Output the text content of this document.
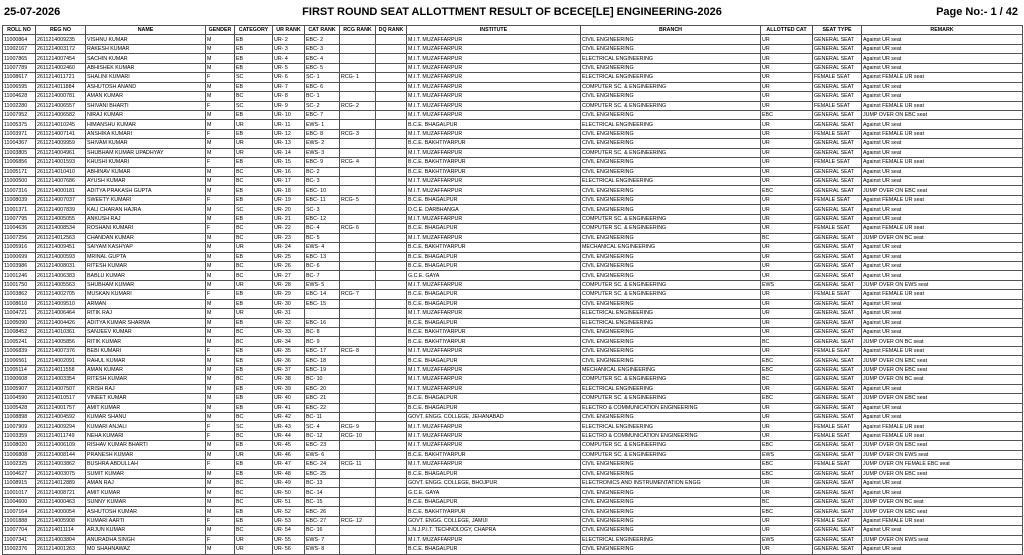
25-07-2026	FIRST ROUND SEAT ALLOTTMENT RESULT OF BCECE[LE] ENGINEERING-2026	Page No:- 1 / 42
ROLL NO	REG NO	NAME	GENDER	CATEGORY	UR RANK	CAT RANK	RCG RANK	DQ RANK	INSTITUTE	BRANCH	ALLOTTED CAT	SEAT TYPE	REMARK
11000864	2611214009235	VISHNU KUMAR	M	EB	UR- 2	EBC- 2			M.I.T. MUZAFFARPUR	CIVIL ENGINEERING	UR	GENERAL SEAT	Against UR seat
11002167	2611214003172	RAKESH KUMAR	M	EB	UR- 3	EBC- 3			M.I.T. MUZAFFARPUR	CIVIL ENGINEERING	UR	GENERAL SEAT	Against UR seat
11007865	2611214007454	SACHIN KUMAR	M	EB	UR- 4	EBC- 4			M.I.T. MUZAFFARPUR	ELECTRICAL ENGINEERING	UR	GENERAL SEAT	Against UR seat
11007789	2611214002460	ABHISHEK KUMAR	M	EB	UR- 5	EBC- 5			M.I.T. MUZAFFARPUR	CIVIL ENGINEERING	UR	GENERAL SEAT	Against UR seat
11008617	2611214011721	SHALINI KUMARI	F	SC	UR- 6	SC- 1	RCG- 1		M.I.T. MUZAFFARPUR	ELECTRICAL ENGINEERING	UR	FEMALE SEAT	Against FEMALE UR seat
11006595	2611214011884	ASHUTOSH ANAND	M	EB	UR- 7	EBC- 6			M.I.T. MUZAFFARPUR	COMPUTER SC. & ENGINEERING	UR	GENERAL SEAT	Against UR seat
11004628	2611214000781	AMAN KUMAR	M	BC	UR- 8	BC- 1			M.I.T. MUZAFFARPUR	CIVIL ENGINEERING	UR	GENERAL SEAT	Against UR seat
11002280	2611214006557	SHIVANI BHARTI	F	SC	UR- 9	SC- 2	RCG- 2		M.I.T. MUZAFFARPUR	COMPUTER SC. & ENGINEERING	UR	FEMALE SEAT	Against FEMALE UR seat
11007952	2611214006582	NIRAJ KUMAR	M	EB	UR- 10	EBC- 7			M.I.T. MUZAFFARPUR	CIVIL ENGINEERING	EBC	GENERAL SEAT	JUMP OVER ON EBC seat
11005375	2611214010245	HIMANSHU KUMAR	M	UR	UR- 11	EWS- 1			B.C.E. BHAGALPUR	ELECTRICAL ENGINEERING	UR	GENERAL SEAT	Against UR seat
11003971	2611214007141	ANSHIKA KUMARI	F	EB	UR- 12	EBC- 8	RCG- 3		M.I.T. MUZAFFARPUR	CIVIL ENGINEERING	UR	FEMALE SEAT	Against FEMALE UR seat
11004367	2611214009959	SHIVAM KUMAR	M	UR	UR- 13	EWS- 2			B.C.E. BAKHTIYARPUR	CIVIL ENGINEERING	UR	GENERAL SEAT	Against UR seat
11003805	2611214004961	SHUBHAM KUMAR UPADHYAY	M	UR	UR- 14	EWS- 3			M.I.T. MUZAFFARPUR	COMPUTER SC. & ENGINEERING	UR	GENERAL SEAT	Against UR seat
11006856	2611214001593	KHUSHI KUMARI	F	EB	UR- 15	EBC- 9	RCG- 4		B.C.E. BAKHTIYARPUR	CIVIL ENGINEERING	UR	FEMALE SEAT	Against FEMALE UR seat
11005171	2611214010410	ABHINAV KUMAR	M	BC	UR- 16	BC- 2			B.C.E. BAKHTIYARPUR	CIVIL ENGINEERING	UR	GENERAL SEAT	Against UR seat
11000500	2611214007686	AYUSH KUMAR	M	BC	UR- 17	BC- 3			M.I.T. MUZAFFARPUR	ELECTRICAL ENGINEERING	UR	GENERAL SEAT	Against UR seat
11007316	2611214000181	ADITYA PRAKASH GUPTA	M	EB	UR- 18	EBC- 10			M.I.T. MUZAFFARPUR	CIVIL ENGINEERING	EBC	GENERAL SEAT	JUMP OVER ON EBC seat
11008039	2611214007037	SWEETY KUMARI	F	EB	UR- 19	EBC- 11	RCG- 5		B.C.E. BHAGALPUR	CIVIL ENGINEERING	UR	FEMALE SEAT	Against FEMALE UR seat
11001371	2611214007839	KALI CHARAN HAJRA	M	SC	UR- 20	SC- 3			D.C.E. DARBHANGA	CIVIL ENGINEERING	UR	GENERAL SEAT	Against UR seat
11007795	2611214005055	ANKUSH RAJ	M	EB	UR- 21	EBC- 12			M.I.T. MUZAFFARPUR	COMPUTER SC. & ENGINEERING	UR	GENERAL SEAT	Against UR seat
11004636	2611214008534	ROSHANI KUMARI	F	BC	UR- 22	BC- 4	RCG- 6		B.C.E. BHAGALPUR	COMPUTER SC. & ENGINEERING	UR	FEMALE SEAT	Against FEMALE UR seat
11007256	2611214012563	CHANDAN KUMAR	M	BC	UR- 23	BC- 5			M.I.T. MUZAFFARPUR	CIVIL ENGINEERING	BC	GENERAL SEAT	JUMP OVER ON BC seat
11005916	2611214009451	SAIYAM KASHYAP	M	UR	UR- 24	EWS- 4			B.C.E. BAKHTIYARPUR	MECHANICAL ENGINEERING	UR	GENERAL SEAT	Against UR seat
11000699	2611214000593	MRINAL GUPTA	M	EB	UR- 25	EBC- 13			B.C.E. BHAGALPUR	CIVIL ENGINEERING	UR	GENERAL SEAT	Against UR seat
11003986	2611214008031	RITESH KUMAR	M	BC	UR- 26	BC- 6			B.C.E. BHAGALPUR	CIVIL ENGINEERING	UR	GENERAL SEAT	Against UR seat
11001246	2611214006383	BABLU KUMAR	M	BC	UR- 27	BC- 7			G.C.E. GAYA	CIVIL ENGINEERING	UR	GENERAL SEAT	Against UR seat
11001750	2611214005563	SHUBHAM KUMAR	M	UR	UR- 28	EWS- 5			M.I.T. MUZAFFARPUR	COMPUTER SC. & ENGINEERING	EWS	GENERAL SEAT	JUMP OVER ON EWS seat
11003862	2611214002705	MUSKAN KUMARI	F	EB	UR- 29	EBC- 14	RCG- 7		B.C.E. BHAGALPUR	COMPUTER SC. & ENGINEERING	UR	FEMALE SEAT	Against FEMALE UR seat
11008610	2611214009510	ARMAN	M	EB	UR- 30	EBC- 15			B.C.E. BHAGALPUR	CIVIL ENGINEERING	UR	GENERAL SEAT	Against UR seat
11004721	2611214006464	RITIK RAJ	M	UR	UR- 31				M.I.T. MUZAFFARPUR	ELECTRICAL ENGINEERING	UR	GENERAL SEAT	Against UR seat
11005090	2611214004426	ADITYA KUMAR SHARMA	M	EB	UR- 32	EBC- 16			B.C.E. BHAGALPUR	ELECTRICAL ENGINEERING	UR	GENERAL SEAT	Against UR seat
11008452	2611214010361	SANJEEV KUMAR	M	BC	UR- 33	BC- 8			B.C.E. BAKHTIYARPUR	CIVIL ENGINEERING	UR	GENERAL SEAT	Against UR seat
11005241	2611214005856	RITIK KUMAR	M	BC	UR- 34	BC- 9			B.C.E. BAKHTIYARPUR	CIVIL ENGINEERING	BC	GENERAL SEAT	JUMP OVER ON BC seat
11006839	2611214007376	BEBI KUMARI	F	EB	UR- 35	EBC- 17	RCG- 8		M.I.T. MUZAFFARPUR	CIVIL ENGINEERING	UR	FEMALE SEAT	Against FEMALE UR seat
11006561	2611214002091	RAHUL KUMAR	M	EB	UR- 36	EBC- 18			B.C.E. BHAGALPUR	CIVIL ENGINEERING	EBC	GENERAL SEAT	JUMP OVER ON EBC seat
11005114	2611214011558	AMAN KUMAR	M	EB	UR- 37	EBC- 19			M.I.T. MUZAFFARPUR	MECHANICAL ENGINEERING	EBC	GENERAL SEAT	JUMP OVER ON EBC seat
11000608	2611214003354	RITESH KUMAR	M	BC	UR- 38	BC- 10			M.I.T. MUZAFFARPUR	COMPUTER SC. & ENGINEERING	BC	GENERAL SEAT	JUMP OVER ON BC seat
11005907	2611214007507	KRISH RAJ	M	EB	UR- 39	EBC- 20			M.I.T. MUZAFFARPUR	ELECTRICAL ENGINEERING	UR	GENERAL SEAT	Against UR seat
11004590	2611214010517	VINEET KUMAR	M	EB	UR- 40	EBC- 21			B.C.E. BHAGALPUR	COMPUTER SC. & ENGINEERING	EBC	GENERAL SEAT	JUMP OVER ON EBC seat
11005428	2611214001757	AMIT KUMAR	M	EB	UR- 41	EBC- 22			B.C.E. BHAGALPUR	ELECTRO & COMMUNICATION ENGINEERING	UR	GENERAL SEAT	Against UR seat
11008898	2611214004592	KUMAR SHANU	M	BC	UR- 42	BC- 11			GOVT. ENGG. COLLEGE, JEHANABAD	CIVIL ENGINEERING	UR	GENERAL SEAT	Against UR seat
11007909	2611214009294	KUMARI ANJALI	F	SC	UR- 43	SC- 4	RCG- 9		M.I.T. MUZAFFARPUR	ELECTRICAL ENGINEERING	UR	FEMALE SEAT	Against FEMALE UR seat
11003359	2611214011749	NEHA KUMARI	F	BC	UR- 44	BC- 12	RCG- 10		M.I.T. MUZAFFARPUR	ELECTRO & COMMUNICATION ENGINEERING	UR	FEMALE SEAT	Against FEMALE UR seat
11008020	2611214006109	RISHAV KUMAR BHARTI	M	EB	UR- 45	EBC- 23			M.I.T. MUZAFFARPUR	COMPUTER SC. & ENGINEERING	EBC	GENERAL SEAT	JUMP OVER ON EBC seat
11006808	2611214008144	PRANESH KUMAR	M	UR	UR- 46	EWS- 6			B.C.E. BAKHTIYARPUR	COMPUTER SC. & ENGINEERING	EWS	GENERAL SEAT	JUMP OVER ON EWS seat
11002325	2611214003862	BUSHRA ABDULLAH	F	EB	UR- 47	EBC- 24	RCG- 11		M.I.T. MUZAFFARPUR	CIVIL ENGINEERING	EBC	FEMALE SEAT	JUMP OVER ON FEMALE EBC seat
11004627	2611214003075	SUMIT KUMAR	M	EB	UR- 48	EBC- 25			B.C.E. BHAGALPUR	CIVIL ENGINEERING	EBC	GENERAL SEAT	JUMP OVER ON EBC seat
11008915	2611214012889	AMAN RAJ	M	BC	UR- 49	BC- 13			GOVT. ENGG. COLLEGE, BHOJPUR	ELECTRONICS AND INSTRUMENTATION ENGG	UR	GENERAL SEAT	Against UR seat
11001017	2611214008721	AMIT KUMAR	M	BC	UR- 50	BC- 14			G.C.E. GAYA	CIVIL ENGINEERING	UR	GENERAL SEAT	Against UR seat
11004600	2611214000463	SUNNY KUMAR	M	BC	UR- 51	BC- 15			B.C.E. BHAGALPUR	CIVIL ENGINEERING	BC	GENERAL SEAT	JUMP OVER ON BC seat
11007164	2611214000054	ASHUTOSH KUMAR	M	EB	UR- 52	EBC- 26			B.C.E. BAKHTIYARPUR	CIVIL ENGINEERING	EBC	GENERAL SEAT	JUMP OVER ON EBC seat
11001888	2611214005908	KUMARI AARTI	F	EB	UR- 53	EBC- 27	RCG- 12		GOVT. ENGG. COLLEGE, JAMUI	CIVIL ENGINEERING	UR	FEMALE SEAT	Against FEMALE UR seat
11007704	2611214011114	ARJUN KUMAR	M	BC	UR- 54	BC- 16			L.N.J.P.I.T. TECHNOLOGY, CHAPRA	CIVIL ENGINEERING	UR	GENERAL SEAT	Against UR seat
11007341	2611214003804	ANURADHA SINGH	F	UR	UR- 55	EWS- 7			M.I.T. MUZAFFARPUR	ELECTRICAL ENGINEERING	EWS	GENERAL SEAT	JUMP OVER ON EWS seat
11002376	2611214001263	MD SHAHNAWAZ	M	UR	UR- 56	EWS- 8			B.C.E. BHAGALPUR	CIVIL ENGINEERING	UR	GENERAL SEAT	Against UR seat
